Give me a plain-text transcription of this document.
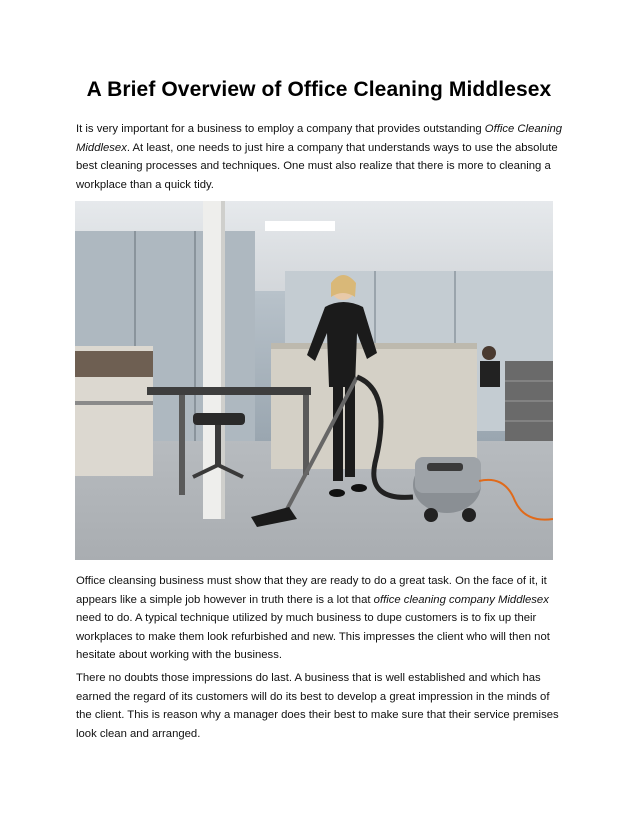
A Brief Overview of Office Cleaning Middlesex

It is very important for a business to employ a company that provides outstanding Office Cleaning Middlesex. At least, one needs to just hire a company that understands ways to use the absolute best cleaning processes and techniques. One must also realize that there is more to cleaning a workplace than a quick tidy.

Office cleansing business must show that they are ready to do a great task. On the face of it, it appears like a simple job however in truth there is a lot that office cleaning company Middlesex need to do. A typical technique utilized by much business to dupe customers is to fix up their workplaces to make them look refurbished and new. This impresses the client who will then not hesitate about working with the business.

There no doubts those impressions do last. A business that is well established and which has earned the regard of its customers will do its best to develop a great impression in the minds of the client. This is reason why a manager does their best to make sure that their service premises look clean and arranged.
